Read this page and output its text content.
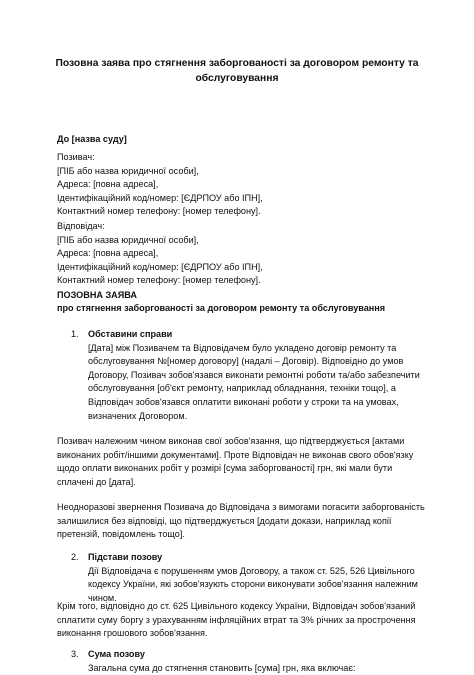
Позовна заява про стягнення заборгованості за договором ремонту та
обслуговування
До [назва суду]
Позивач:
[ПІБ або назва юридичної особи],
Адреса: [повна адреса],
Ідентифікаційний код/номер: [ЄДРПОУ або ІПН],
Контактний номер телефону: [номер телефону].
Відповідач:
[ПІБ або назва юридичної особи],
Адреса: [повна адреса],
Ідентифікаційний код/номер: [ЄДРПОУ або ІПН],
Контактний номер телефону: [номер телефону].
ПОЗОВНА ЗАЯВА
про стягнення заборгованості за договором ремонту та обслуговування
1. Обставини справи
[Дата] між Позивачем та Відповідачем було укладено договір ремонту та
обслуговування №[номер договору] (надалі – Договір). Відповідно до умов
Договору, Позивач зобов'язався виконати ремонтні роботи та/або забезпечити
обслуговування [об'єкт ремонту, наприклад обладнання, техніки тощо], а
Відповідач зобов'язався оплатити виконані роботи у строки та на умовах,
визначених Договором.
Позивач належним чином виконав свої зобов'язання, що підтверджується [актами
виконаних робіт/іншими документами]. Проте Відповідач не виконав свого обов'язку
щодо оплати виконаних робіт у розмірі [сума заборгованості] грн, які мали бути
сплачені до [дата].
Неодноразові звернення Позивача до Відповідача з вимогами погасити заборгованість
залишилися без відповіді, що підтверджується [додати докази, наприклад копії
претензій, повідомлень тощо].
2. Підстави позову
Дії Відповідача є порушенням умов Договору, а також ст. 525, 526 Цивільного
кодексу України, які зобов'язують сторони виконувати зобов'язання належним
чином.
Крім того, відповідно до ст. 625 Цивільного кодексу України, Відповідач зобов'язаний
сплатити суму боргу з урахуванням інфляційних втрат та 3% річних за прострочення
виконання грошового зобов'язання.
3. Сума позову
Загальна сума до стягнення становить [сума] грн, яка включає:
